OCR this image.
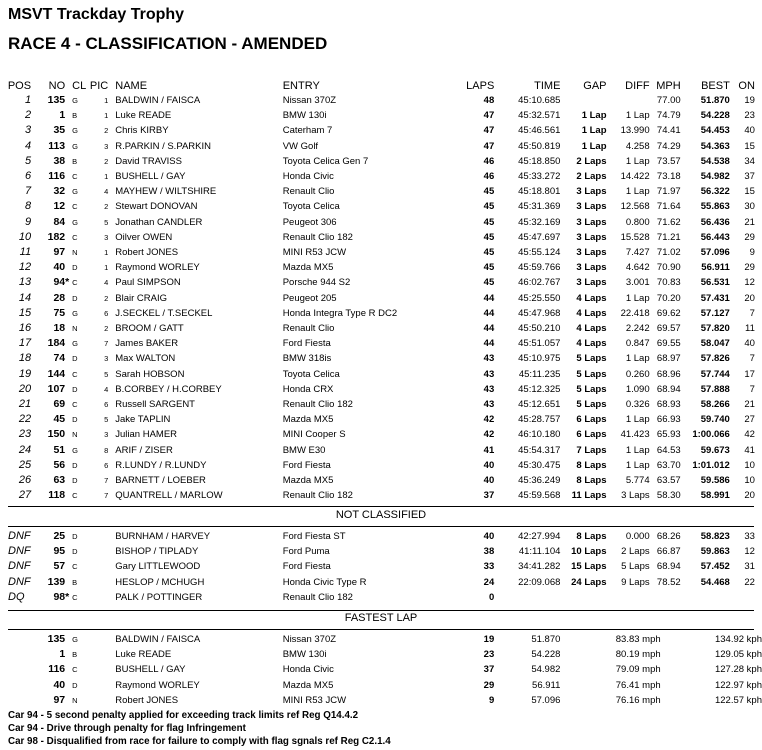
MSVT Trackday Trophy
RACE 4 - CLASSIFICATION - AMENDED
POS		NO		CL	PIC		NAME	ENTRY	LAPS	TIME	GAP	DIFF	MPH	BEST	ON	
1		135		G	1		BALDWIN / FAISCA	Nissan 370Z	48	45:10.685			77.00	51.870	19	
2		1		B	1		Luke READE	BMW 130i	47	45:32.571	1 Lap	1 Lap	74.79	54.228	23	
3		35		G	2		Chris KIRBY	Caterham 7	47	45:46.561	1 Lap	13.990	74.41	54.453	40	
4		113		G	3		R.PARKIN / S.PARKIN	VW Golf	47	45:50.819	1 Lap	4.258	74.29	54.363	15	
5		38		B	2		David TRAVISS	Toyota Celica Gen 7	46	45:18.850	2 Laps	1 Lap	73.57	54.538	34	
6		116		C	1		BUSHELL / GAY	Honda Civic	46	45:33.272	2 Laps	14.422	73.18	54.982	37	
7		32		G	4		MAYHEW / WILTSHIRE	Renault Clio	45	45:18.801	3 Laps	1 Lap	71.97	56.322	15	
8		12		C	2		Stewart DONOVAN	Toyota Celica	45	45:31.369	3 Laps	12.568	71.64	55.863	30	
9		84		G	5		Jonathan CANDLER	Peugeot 306	45	45:32.169	3 Laps	0.800	71.62	56.436	21	
10		182		C	3		Oilver OWEN	Renault Clio 182	45	45:47.697	3 Laps	15.528	71.21	56.443	29	
11		97		N	1		Robert JONES	MINI R53 JCW	45	45:55.124	3 Laps	7.427	71.02	57.096	9	
12		40		D	1		Raymond WORLEY	Mazda MX5	45	45:59.766	3 Laps	4.642	70.90	56.911	29	
13		94	*	C	4		Paul SIMPSON	Porsche 944 S2	45	46:02.767	3 Laps	3.001	70.83	56.531	12	
14		28		D	2		Blair CRAIG	Peugeot 205	44	45:25.550	4 Laps	1 Lap	70.20	57.431	20	
15		75		G	6		J.SECKEL / T.SECKEL	Honda Integra Type R DC2	44	45:47.968	4 Laps	22.418	69.62	57.127	7	
16		18		N	2		BROOM / GATT	Renault Clio	44	45:50.210	4 Laps	2.242	69.57	57.820	11	
17		184		G	7		James BAKER	Ford Fiesta	44	45:51.057	4 Laps	0.847	69.55	58.047	40	
18		74		D	3		Max WALTON	BMW 318is	43	45:10.975	5 Laps	1 Lap	68.97	57.826	7	
19		144		C	5		Sarah HOBSON	Toyota Celica	43	45:11.235	5 Laps	0.260	68.96	57.744	17	
20		107		D	4		B.CORBEY / H.CORBEY	Honda CRX	43	45:12.325	5 Laps	1.090	68.94	57.888	7	
21		69		C	6		Russell SARGENT	Renault Clio 182	43	45:12.651	5 Laps	0.326	68.93	58.266	21	
22		45		D	5		Jake TAPLIN	Mazda MX5	42	45:28.757	6 Laps	1 Lap	66.93	59.740	27	
23		150		N	3		Julian HAMER	MINI Cooper S	42	46:10.180	6 Laps	41.423	65.93	1:00.066	42	
24		51		G	8		ARIF / ZISER	BMW E30	41	45:54.317	7 Laps	1 Lap	64.53	59.673	41	
25		56		D	6		R.LUNDY / R.LUNDY	Ford Fiesta	40	45:30.475	8 Laps	1 Lap	63.70	1:01.012	10	
26		63		D	7		BARNETT / LOEBER	Mazda MX5	40	45:36.249	8 Laps	5.774	63.57	59.586	10	
27		118		C	7		QUANTRELL / MARLOW	Renault Clio 182	37	45:59.568	11 Laps	3 Laps	58.30	58.991	20	
NOT CLASSIFIED
DNF		25		D			BURNHAM / HARVEY	Ford Fiesta ST	40	42:27.994	8 Laps	0.000	68.26	58.823	33	
DNF		95		D			BISHOP / TIPLADY	Ford Puma	38	41:11.104	10 Laps	2 Laps	66.87	59.863	12	
DNF		57		C			Gary LITTLEWOOD	Ford Fiesta	33	34:41.282	15 Laps	5 Laps	68.94	57.452	31	
DNF		139		B			HESLOP / MCHUGH	Honda Civic Type R	24	22:09.068	24 Laps	9 Laps	78.52	54.468	22	
DQ		98	*	C			PALK / POTTINGER	Renault Clio 182	0							
FASTEST LAP
		135		G			BALDWIN / FAISCA	Nissan 370Z	19	51.870	83.83 mph	134.92 kph
		1		B			Luke READE	BMW 130i	23	54.228	80.19 mph	129.05 kph
		116		C			BUSHELL / GAY	Honda Civic	37	54.982	79.09 mph	127.28 kph
		40		D			Raymond WORLEY	Mazda MX5	29	56.911	76.41 mph	122.97 kph
		97		N			Robert JONES	MINI R53 JCW	9	57.096	76.16 mph	122.57 kph
Car 94 - 5 second penalty applied for exceeding track limits ref Reg Q14.4.2
Car 94 - Drive through penalty for flag Infringement
Car 98 - Disqualified from race for failure to comply with flag sgnals ref Reg C2.1.4
